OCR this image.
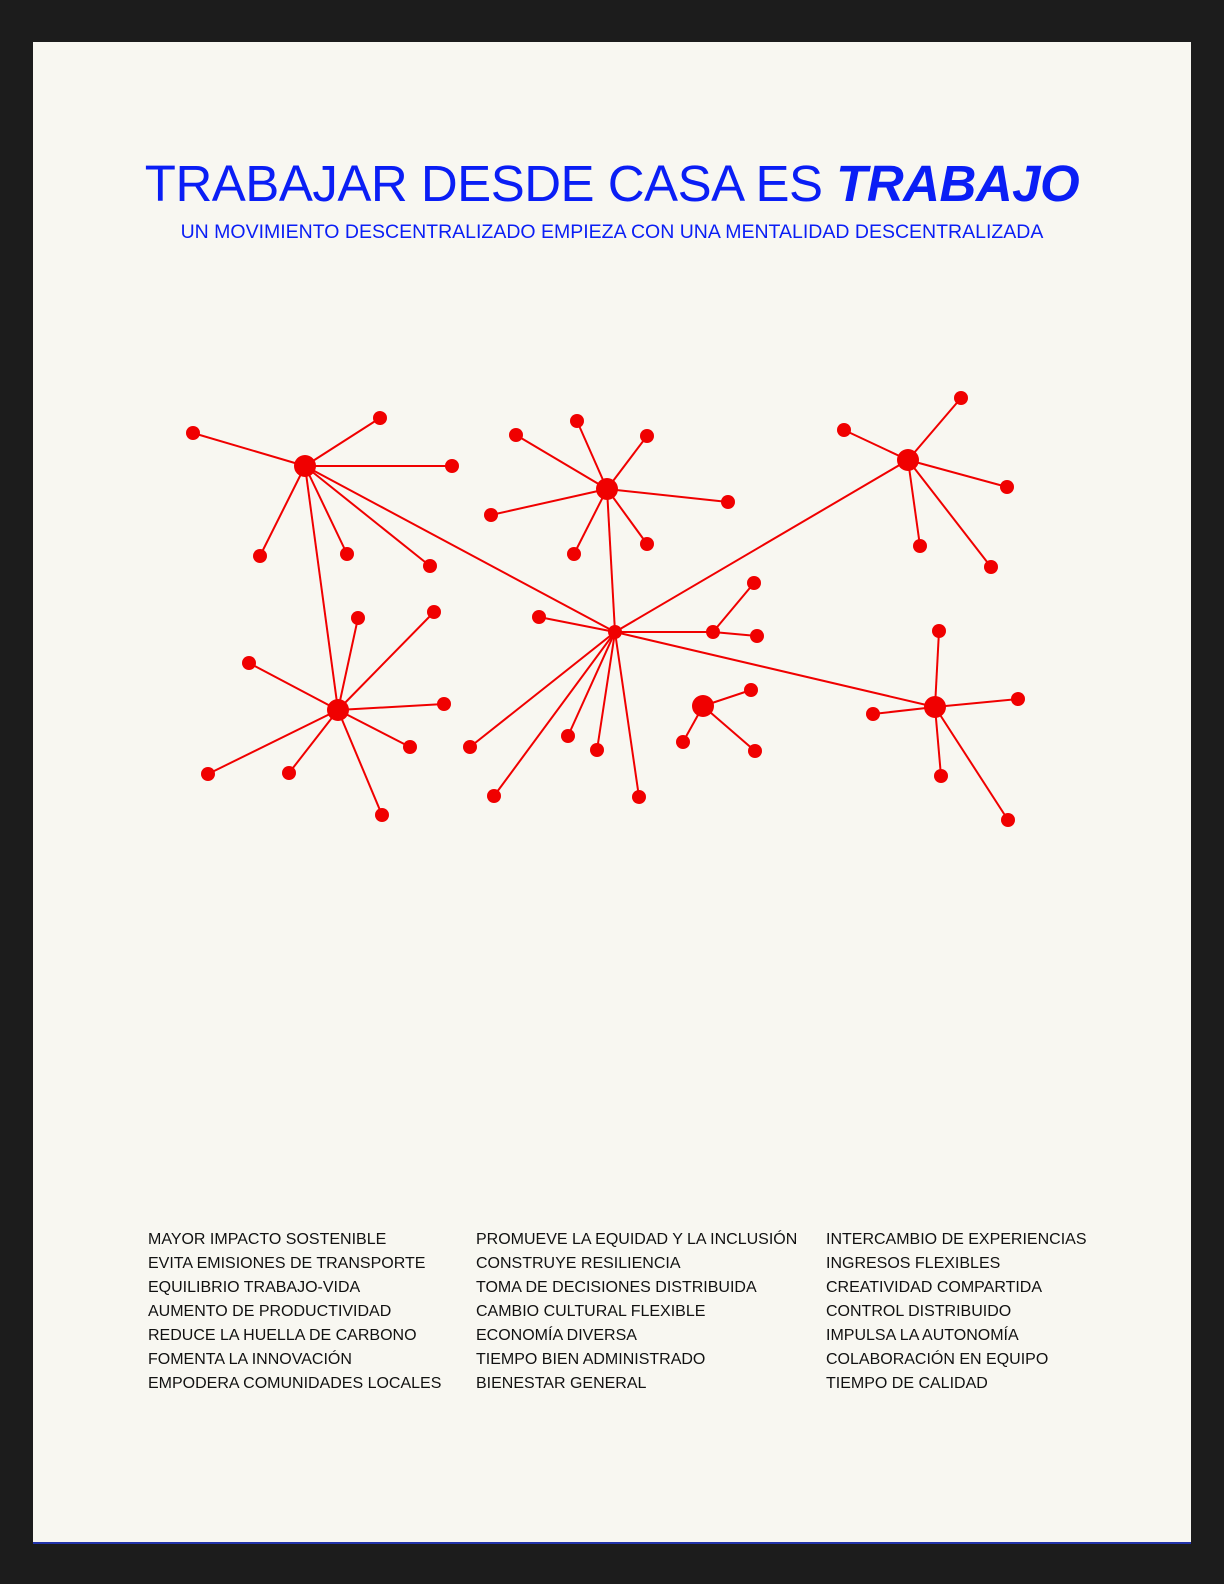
TRABAJAR DESDE CASA ES TRABAJO
UN MOVIMIENTO DESCENTRALIZADO EMPIEZA CON UNA MENTALIDAD DESCENTRALIZADA
MAYOR IMPACTO SOSTENIBLE
EVITA EMISIONES DE TRANSPORTE
EQUILIBRIO TRABAJO-VIDA
AUMENTO DE PRODUCTIVIDAD
REDUCE LA HUELLA DE CARBONO
FOMENTA LA INNOVACIÓN
EMPODERA COMUNIDADES LOCALES
PROMUEVE LA EQUIDAD Y LA INCLUSIÓN
CONSTRUYE RESILIENCIA
TOMA DE DECISIONES DISTRIBUIDA
CAMBIO CULTURAL FLEXIBLE
ECONOMÍA DIVERSA
TIEMPO BIEN ADMINISTRADO
BIENESTAR GENERAL
INTERCAMBIO DE EXPERIENCIAS
INGRESOS FLEXIBLES
CREATIVIDAD COMPARTIDA
CONTROL DISTRIBUIDO
IMPULSA LA AUTONOMÍA
COLABORACIÓN EN EQUIPO
TIEMPO DE CALIDAD
